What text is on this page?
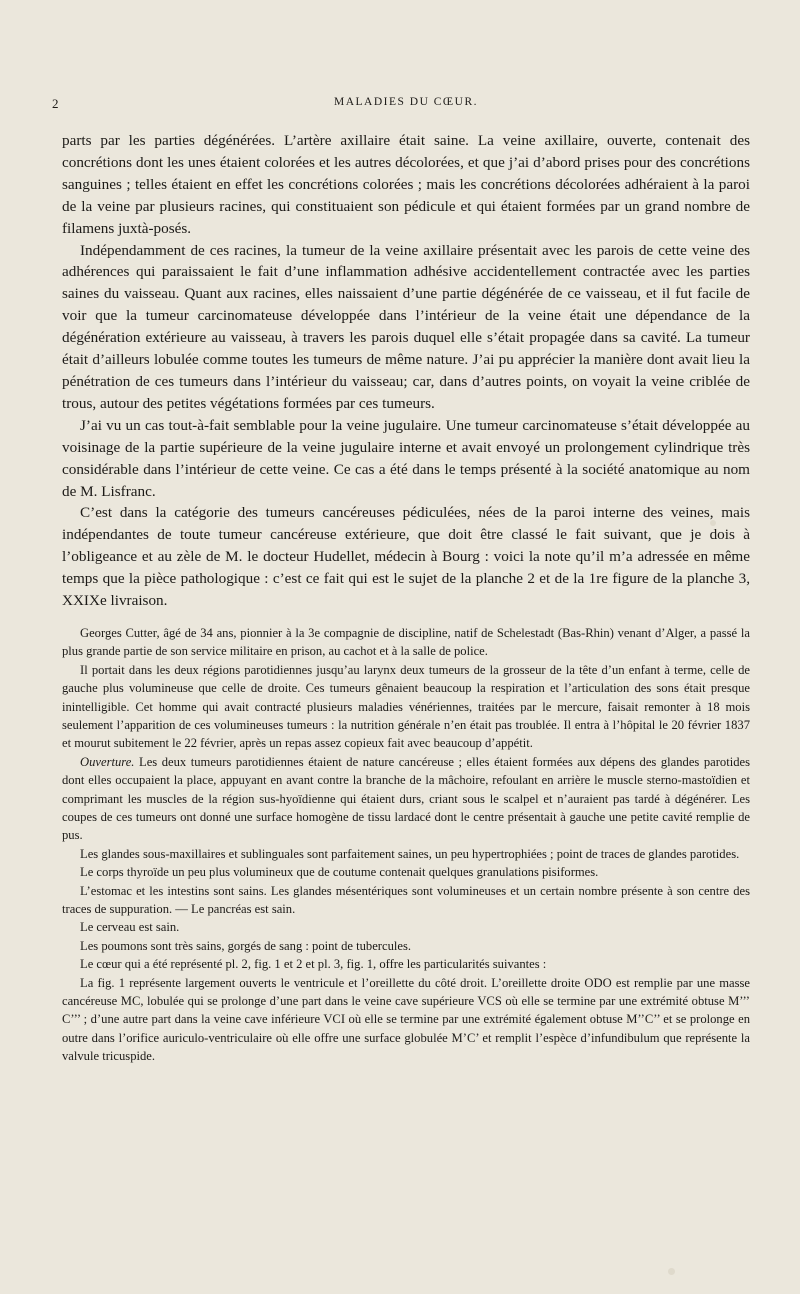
2	MALADIES DU CŒUR.

parts par les parties dégénérées. L’artère axillaire était saine. La veine axillaire, ouverte, contenait des concrétions dont les unes étaient colorées et les autres décolorées, et que j’ai d’abord prises pour des concrétions sanguines ; telles étaient en effet les concrétions colorées ; mais les concrétions décolorées adhéraient à la paroi de la veine par plusieurs racines, qui constituaient son pédicule et qui étaient formées par un grand nombre de filamens juxtà-posés.

Indépendamment de ces racines, la tumeur de la veine axillaire présentait avec les parois de cette veine des adhérences qui paraissaient le fait d’une inflammation adhésive accidentellement contractée avec les parties saines du vaisseau. Quant aux racines, elles naissaient d’une partie dégénérée de ce vaisseau, et il fut facile de voir que la tumeur carcinomateuse développée dans l’intérieur de la veine était une dépendance de la dégénération extérieure au vaisseau, à travers les parois duquel elle s’était propagée dans sa cavité. La tumeur était d’ailleurs lobulée comme toutes les tumeurs de même nature. J’ai pu apprécier la manière dont avait lieu la pénétration de ces tumeurs dans l’intérieur du vaisseau; car, dans d’autres points, on voyait la veine criblée de trous, autour des petites végétations formées par ces tumeurs.

J’ai vu un cas tout-à-fait semblable pour la veine jugulaire. Une tumeur carcinomateuse s’était développée au voisinage de la partie supérieure de la veine jugulaire interne et avait envoyé un prolongement cylindrique très considérable dans l’intérieur de cette veine. Ce cas a été dans le temps présenté à la société anatomique au nom de M. Lisfranc.

C’est dans la catégorie des tumeurs cancéreuses pédiculées, nées de la paroi interne des veines, mais indépendantes de toute tumeur cancéreuse extérieure, que doit être classé le fait suivant, que je dois à l’obligeance et au zèle de M. le docteur Hudellet, médecin à Bourg : voici la note qu’il m’a adressée en même temps que la pièce pathologique : c’est ce fait qui est le sujet de la planche 2 et de la 1re figure de la planche 3, XXIXe livraison.

Georges Cutter, âgé de 34 ans, pionnier à la 3e compagnie de discipline, natif de Schelestadt (Bas-Rhin) venant d’Alger, a passé la plus grande partie de son service militaire en prison, au cachot et à la salle de police.

Il portait dans les deux régions parotidiennes jusqu’au larynx deux tumeurs de la grosseur de la tête d’un enfant à terme, celle de gauche plus volumineuse que celle de droite. Ces tumeurs gênaient beaucoup la respiration et l’articulation des sons était presque inintelligible. Cet homme qui avait contracté plusieurs maladies vénériennes, traitées par le mercure, faisait remonter à 18 mois seulement l’apparition de ces volumineuses tumeurs : la nutrition générale n’en était pas troublée. Il entra à l’hôpital le 20 février 1837 et mourut subitement le 22 février, après un repas assez copieux fait avec beaucoup d’appétit.

Ouverture. Les deux tumeurs parotidiennes étaient de nature cancéreuse ; elles étaient formées aux dépens des glandes parotides dont elles occupaient la place, appuyant en avant contre la branche de la mâchoire, refoulant en arrière le muscle sterno-mastoïdien et comprimant les muscles de la région sus-hyoïdienne qui étaient durs, criant sous le scalpel et n’auraient pas tardé à dégénérer. Les coupes de ces tumeurs ont donné une surface homogène de tissu lardacé dont le centre présentait à gauche une petite cavité remplie de pus.

Les glandes sous-maxillaires et sublinguales sont parfaitement saines, un peu hypertrophiées ; point de traces de glandes parotides.

Le corps thyroïde un peu plus volumineux que de coutume contenait quelques granulations pisiformes.

L’estomac et les intestins sont sains. Les glandes mésentériques sont volumineuses et un certain nombre présente à son centre des traces de suppuration. — Le pancréas est sain.

Le cerveau est sain.

Les poumons sont très sains, gorgés de sang : point de tubercules.

Le cœur qui a été représenté pl. 2, fig. 1 et 2 et pl. 3, fig. 1, offre les particularités suivantes :

La fig. 1 représente largement ouverts le ventricule et l’oreillette du côté droit. L’oreillette droite ODO est remplie par une masse cancéreuse MC, lobulée qui se prolonge d’une part dans le veine cave supérieure VCS où elle se termine par une extrémité obtuse M’’’ C’’’ ; d’une autre part dans la veine cave inférieure VCI où elle se termine par une extrémité également obtuse M’’C’’ et se prolonge en outre dans l’orifice auriculo-ventriculaire où elle offre une surface globulée M’C’ et remplit l’espèce d’infundibulum que représente la valvule tricuspide.
